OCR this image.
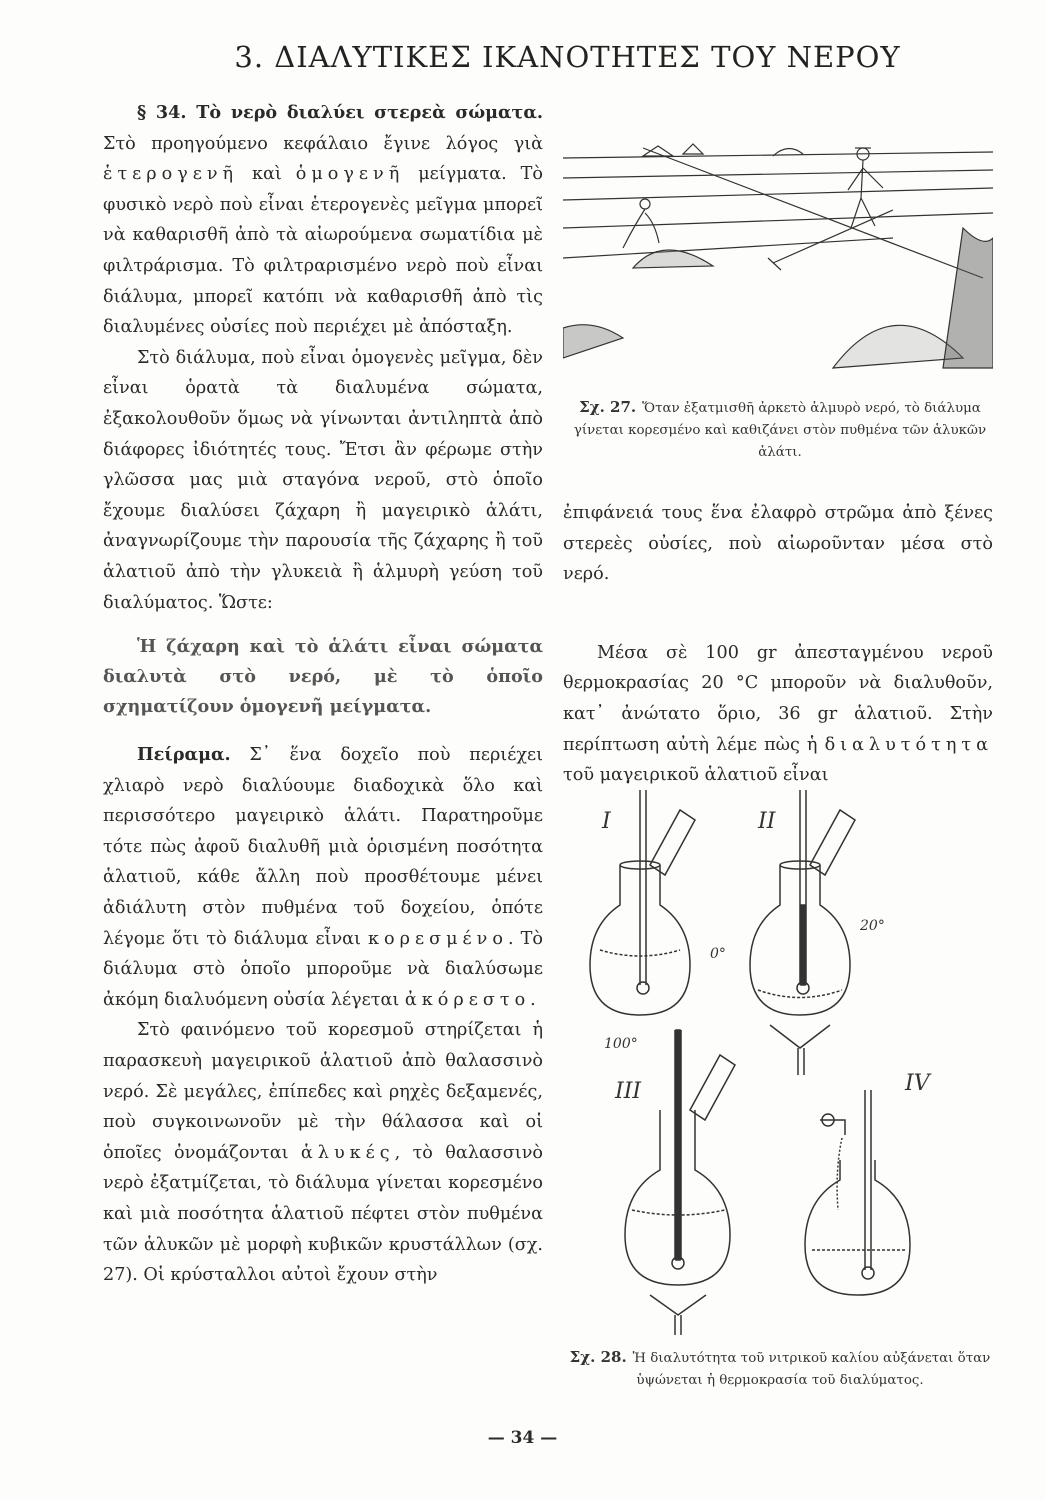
3. ΔΙΑΛΥΤΙΚΕΣ ΙΚΑΝΟΤΗΤΕΣ ΤΟΥ ΝΕΡΟΥ

§ 34. Τὸ νερὸ διαλύει στερεὰ σώματα. Στὸ προηγούμενο κεφάλαιο ἔγινε λόγος γιὰ ἑτερογενῆ καὶ ὁμογενῆ μείγματα. Τὸ φυσικὸ νερὸ ποὺ εἶναι ἑτερογενὲς μεῖγμα μπορεῖ νὰ καθαρισθῆ ἀπὸ τὰ αἰωρούμενα σωματίδια μὲ φιλτράρισμα. Τὸ φιλτραρισμένο νερὸ ποὺ εἶναι διάλυμα, μπορεῖ κατόπι νὰ καθαρισθῆ ἀπὸ τὶς διαλυμένες οὐσίες ποὺ περιέχει μὲ ἀπόσταξη.

Στὸ διάλυμα, ποὺ εἶναι ὁμογενὲς μεῖγμα, δὲν εἶναι ὁρατὰ τὰ διαλυμένα σώματα, ἐξακολουθοῦν ὅμως νὰ γίνωνται ἀντιληπτὰ ἀπὸ διάφορες ἰδιότητές τους. Ἔτσι ἂν φέρωμε στὴν γλῶσσα μας μιὰ σταγόνα νεροῦ, στὸ ὁποῖο ἔχουμε διαλύσει ζάχαρη ἢ μαγειρικὸ ἁλάτι, ἀναγνωρίζουμε τὴν παρουσία τῆς ζάχαρης ἢ τοῦ ἁλατιοῦ ἀπὸ τὴν γλυκειὰ ἢ ἁλμυρὴ γεύση τοῦ διαλύματος. Ὥστε:

Ἡ ζάχαρη καὶ τὸ ἁλάτι εἶναι σώματα διαλυτὰ στὸ νερό, μὲ τὸ ὁποῖο σχηματίζουν ὁμογενῆ μείγματα.

Πείραμα. Σ᾽ ἕνα δοχεῖο ποὺ περιέχει χλιαρὸ νερὸ διαλύουμε διαδοχικὰ ὅλο καὶ περισσότερο μαγειρικὸ ἁλάτι. Παρατηροῦμε τότε πὼς ἀφοῦ διαλυθῆ μιὰ ὁρισμένη ποσότητα ἁλατιοῦ, κάθε ἄλλη ποὺ προσθέτουμε μένει ἀδιάλυτη στὸν πυθμένα τοῦ δοχείου, ὁπότε λέγομε ὅτι τὸ διάλυμα εἶναι κορεσμένο. Τὸ διάλυμα στὸ ὁποῖο μποροῦμε νὰ διαλύσωμε ἀκόμη διαλυόμενη οὐσία λέγεται ἀκόρεστο.

Στὸ φαινόμενο τοῦ κορεσμοῦ στηρίζεται ἡ παρασκευὴ μαγειρικοῦ ἁλατιοῦ ἀπὸ θαλασσινὸ νερό. Σὲ μεγάλες, ἐπίπεδες καὶ ρηχὲς δεξαμενές, ποὺ συγκοινωνοῦν μὲ τὴν θάλασσα καὶ οἱ ὁποῖες ὀνομάζονται ἁλυκές, τὸ θαλασσινὸ νερὸ ἐξατμίζεται, τὸ διάλυμα γίνεται κορεσμένο καὶ μιὰ ποσότητα ἁλατιοῦ πέφτει στὸν πυθμένα τῶν ἁλυκῶν μὲ μορφὴ κυβικῶν κρυστάλλων (σχ. 27). Οἱ κρύσταλλοι αὐτοὶ ἔχουν στὴν

Σχ. 27. Ὅταν ἐξατμισθῆ ἀρκετὸ ἁλμυρὸ νερό, τὸ διάλυμα γίνεται κορεσμένο καὶ καθιζάνει στὸν πυθμένα τῶν ἁλυκῶν ἁλάτι.

ἐπιφάνειά τους ἕνα ἐλαφρὸ στρῶμα ἀπὸ ξένες στερεὲς οὐσίες, ποὺ αἰωροῦνταν μέσα στὸ νερό.

Μέσα σὲ 100 gr ἀπεσταγμένου νεροῦ θερμοκρασίας 20 °C μποροῦν νὰ διαλυθοῦν, κατ᾽ ἀνώτατο ὅριο, 36 gr ἁλατιοῦ. Στὴν περίπτωση αὐτὴ λέμε πὼς ἡ διαλυτότητα τοῦ μαγειρικοῦ ἁλατιοῦ εἶναι

I	II
III	IV
0°
20°
100°
Σχ. 28. Ἡ διαλυτότητα τοῦ νιτρικοῦ καλίου αὐξάνεται ὅταν ὑψώνεται ἡ θερμοκρασία τοῦ διαλύματος.
— 34 —
